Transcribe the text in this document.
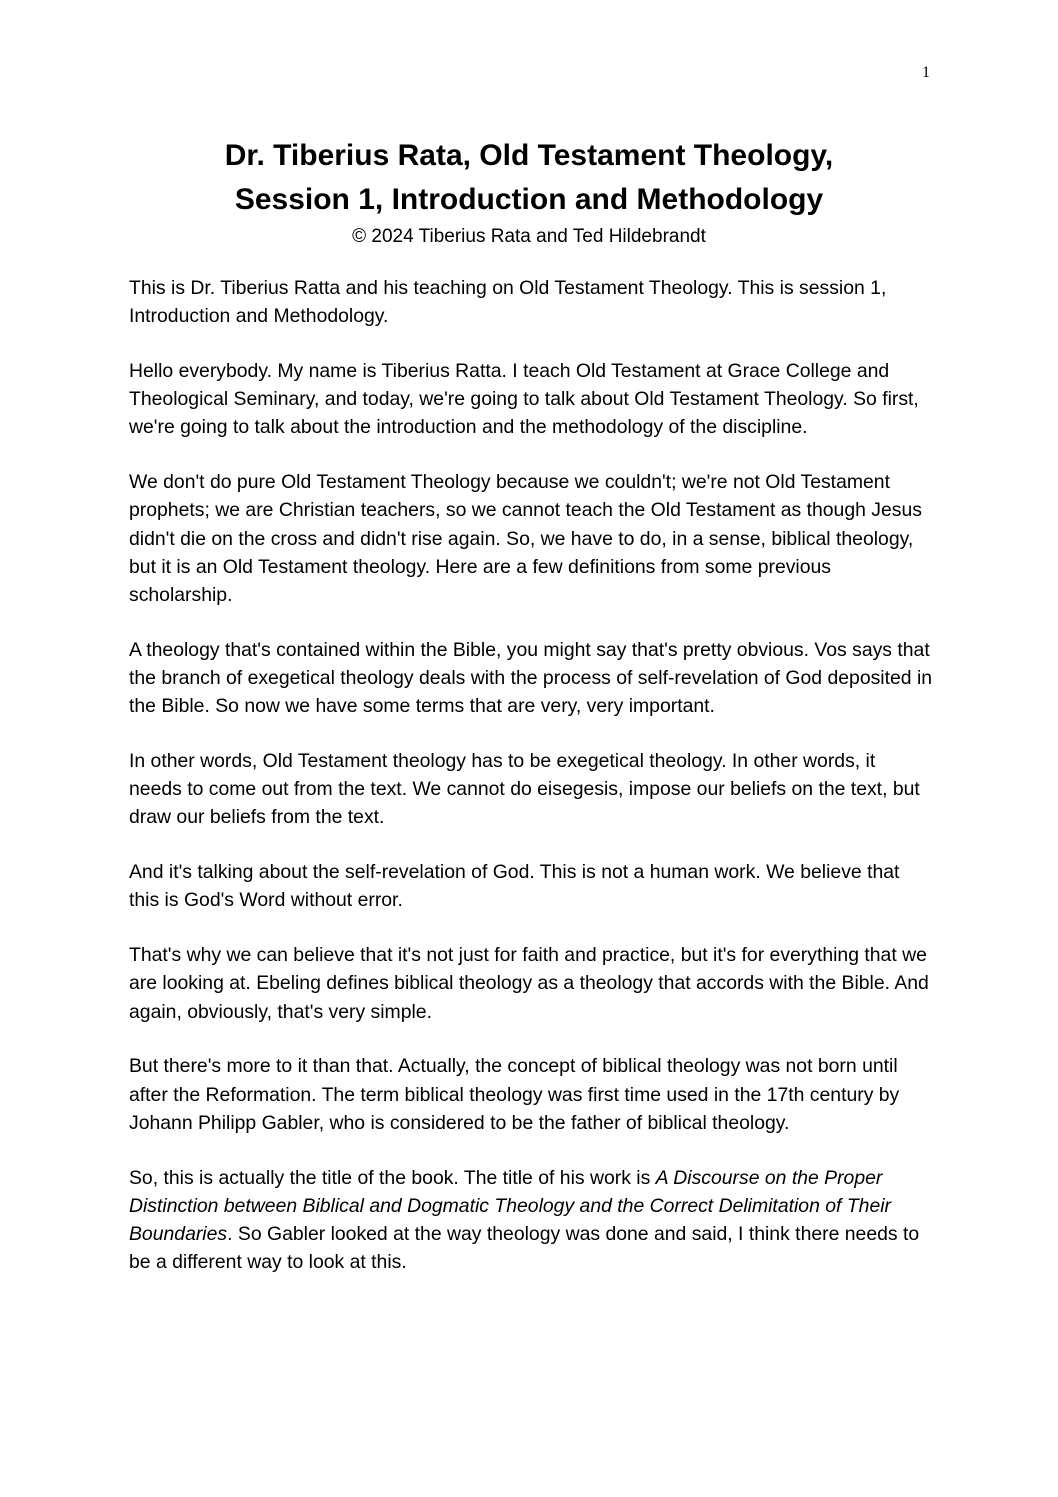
1
Dr. Tiberius Rata, Old Testament Theology,
Session 1, Introduction and Methodology
© 2024 Tiberius Rata and Ted Hildebrandt

This is Dr. Tiberius Ratta and his teaching on Old Testament Theology. This is session 1, Introduction and Methodology.

Hello everybody. My name is Tiberius Ratta. I teach Old Testament at Grace College and Theological Seminary, and today, we're going to talk about Old Testament Theology. So first, we're going to talk about the introduction and the methodology of the discipline.

We don't do pure Old Testament Theology because we couldn't; we're not Old Testament prophets; we are Christian teachers, so we cannot teach the Old Testament as though Jesus didn't die on the cross and didn't rise again. So, we have to do, in a sense, biblical theology, but it is an Old Testament theology. Here are a few definitions from some previous scholarship.

A theology that's contained within the Bible, you might say that's pretty obvious. Vos says that the branch of exegetical theology deals with the process of self-revelation of God deposited in the Bible. So now we have some terms that are very, very important.

In other words, Old Testament theology has to be exegetical theology. In other words, it needs to come out from the text. We cannot do eisegesis, impose our beliefs on the text, but draw our beliefs from the text.

And it's talking about the self-revelation of God. This is not a human work. We believe that this is God's Word without error.

That's why we can believe that it's not just for faith and practice, but it's for everything that we are looking at. Ebeling defines biblical theology as a theology that accords with the Bible. And again, obviously, that's very simple.

But there's more to it than that. Actually, the concept of biblical theology was not born until after the Reformation. The term biblical theology was first time used in the 17th century by Johann Philipp Gabler, who is considered to be the father of biblical theology.

So, this is actually the title of the book. The title of his work is A Discourse on the Proper Distinction between Biblical and Dogmatic Theology and the Correct Delimitation of Their Boundaries. So Gabler looked at the way theology was done and said, I think there needs to be a different way to look at this.
